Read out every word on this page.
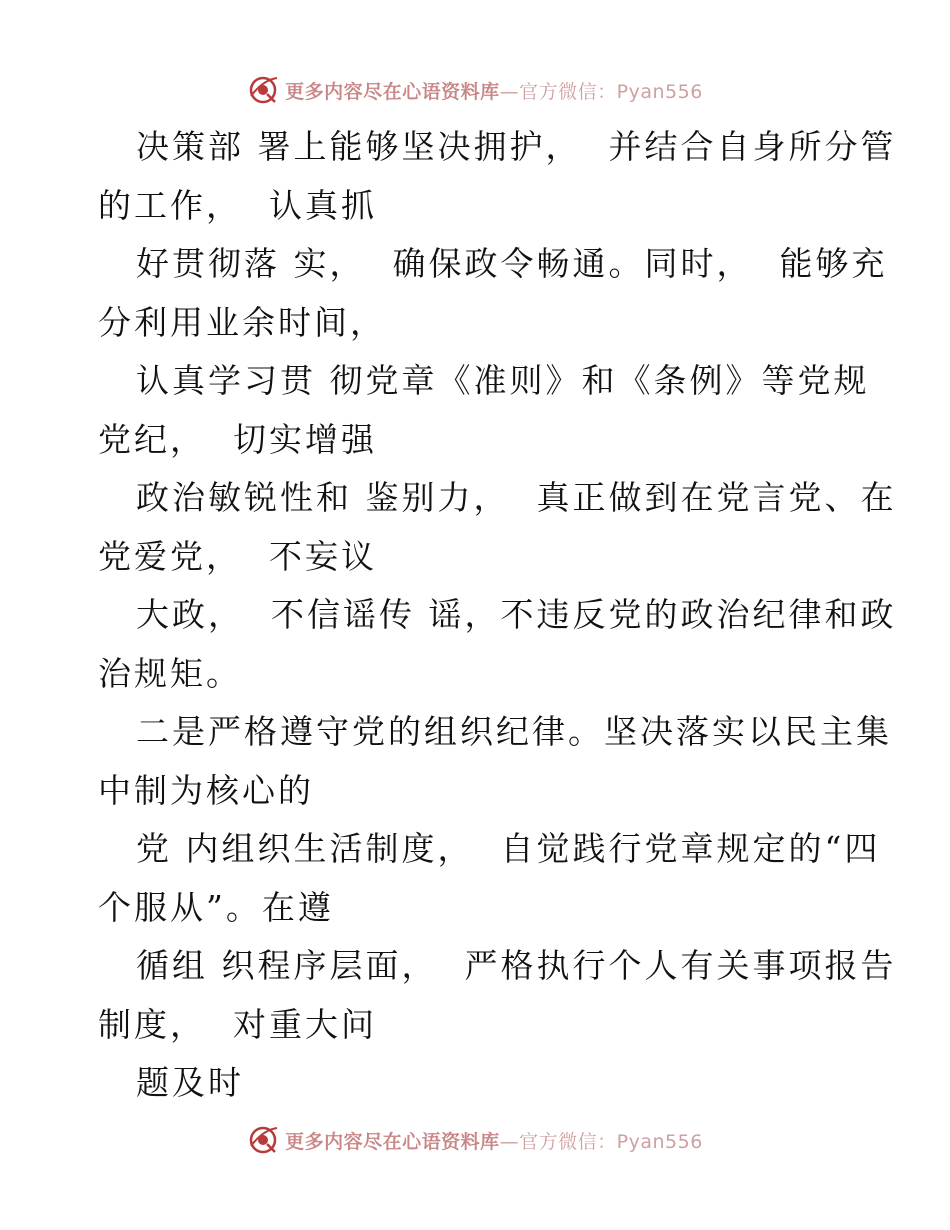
更多内容尽在心语资料库—官方微信：Pyan556
决策部 署上能够坚决拥护，  并结合自身所分管
的工作，  认真抓
好贯彻落 实，  确保政令畅通。同时，  能够充
分利用业余时间，
认真学习贯 彻党章《准则》和《条例》等党规
党纪，  切实增强
政治敏锐性和 鉴别力，  真正做到在党言党、在
党爱党，  不妄议
大政，  不信谣传 谣，不违反党的政治纪律和政
治规矩。
二是严格遵守党的组织纪律。坚决落实以民主集
中制为核心的
党 内组织生活制度，  自觉践行党章规定的“四
个服从”。在遵
循组 织程序层面，  严格执行个人有关事项报告
制度，  对重大问
题及时
更多内容尽在心语资料库—官方微信：Pyan556
